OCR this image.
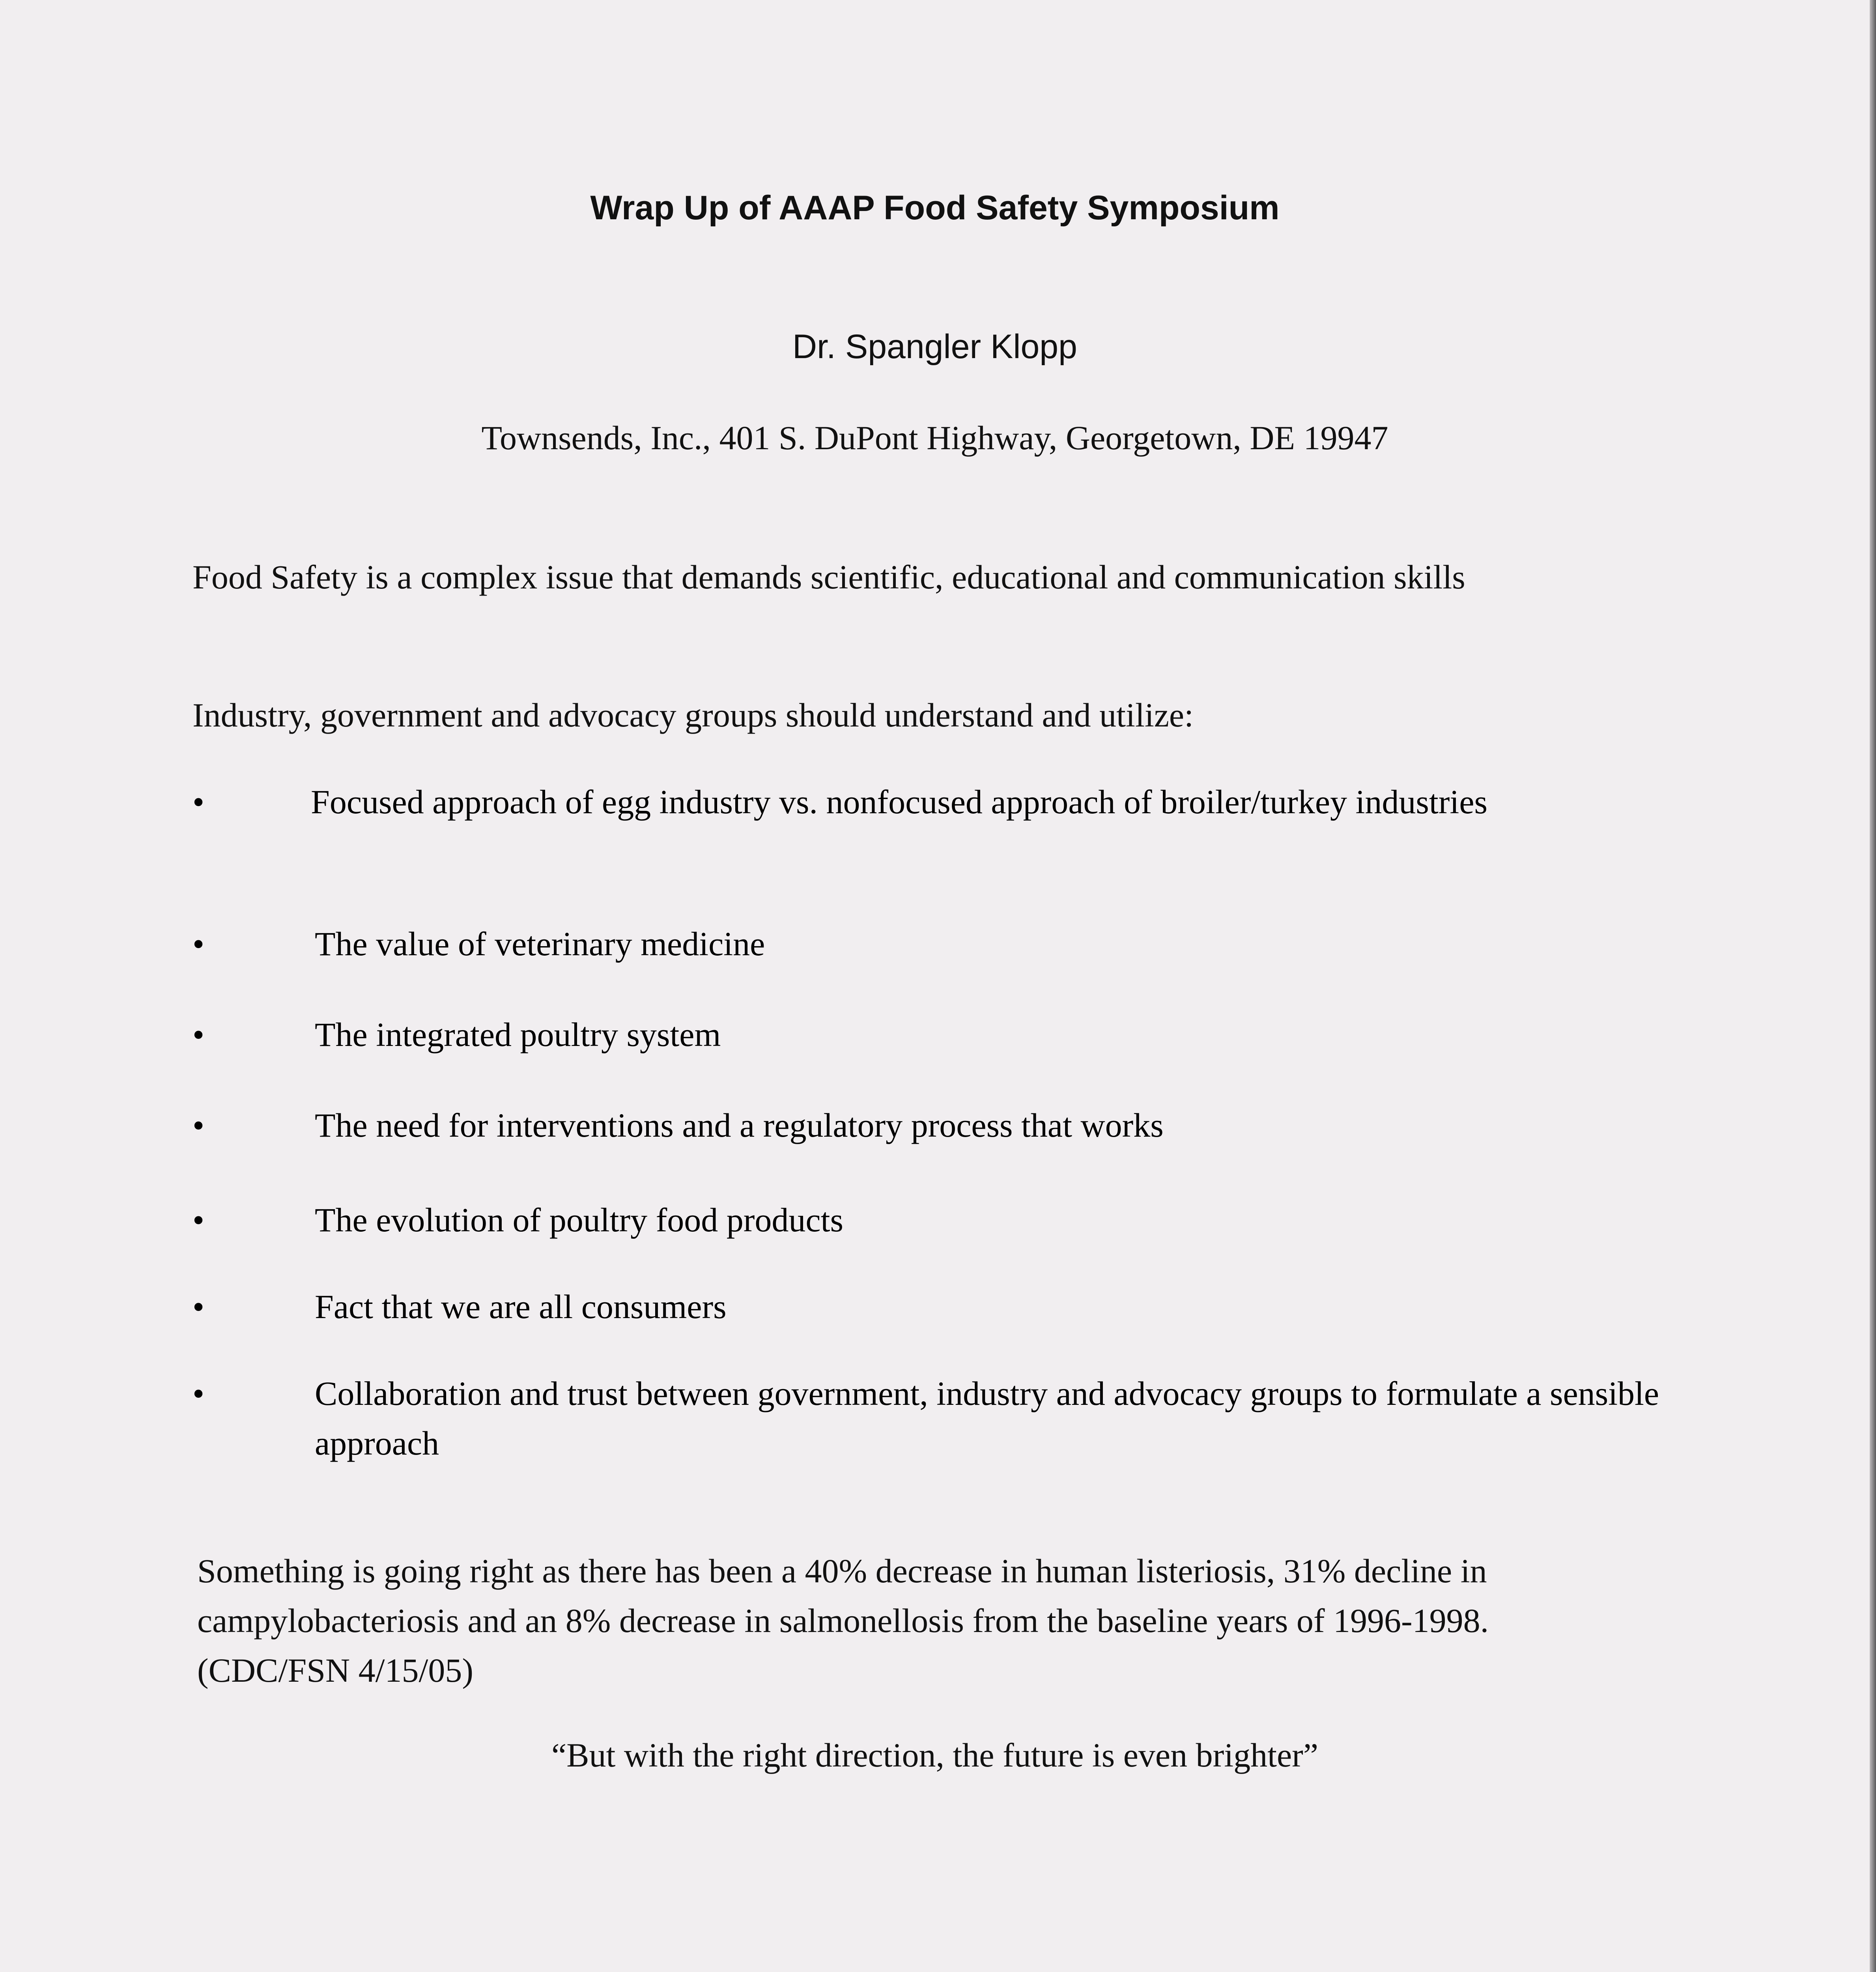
Wrap Up of AAAP Food Safety Symposium

Dr. Spangler Klopp

Townsends, Inc., 401 S. DuPont Highway, Georgetown, DE 19947

Food Safety is a complex issue that demands scientific, educational and communication skills

Industry, government and advocacy groups should understand and utilize:

•	Focused approach of egg industry vs. nonfocused approach of broiler/turkey industries
•	The value of veterinary medicine
•	The integrated poultry system
•	The need for interventions and a regulatory process that works
•	The evolution of poultry food products
•	Fact that we are all consumers
•	Collaboration and trust between government, industry and advocacy groups to formulate a sensible approach

Something is going right as there has been a 40% decrease in human listeriosis, 31% decline in campylobacteriosis and an 8% decrease in salmonellosis from the baseline years of 1996-1998. (CDC/FSN 4/15/05)

“But with the right direction, the future is even brighter”
